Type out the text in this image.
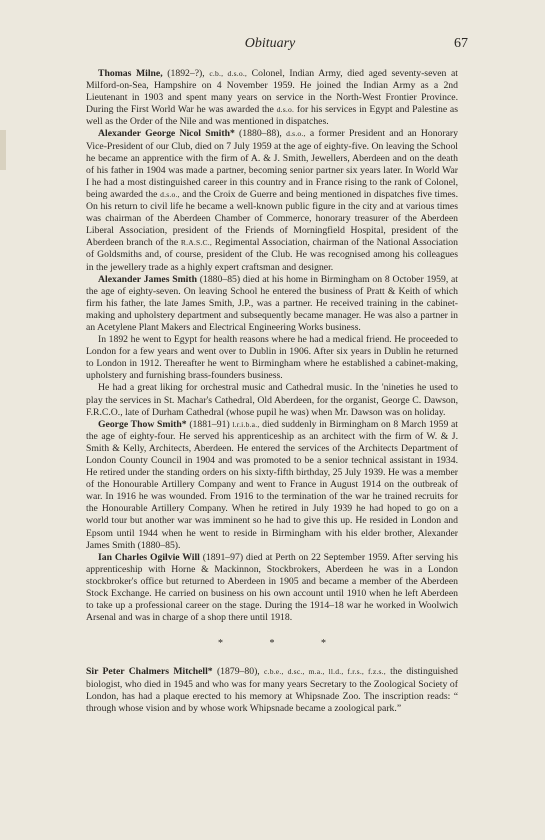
Obituary	67

Thomas Milne, (1892–?), c.b., d.s.o., Colonel, Indian Army, died aged seventy-seven at Milford-on-Sea, Hampshire on 4 November 1959. He joined the Indian Army as a 2nd Lieutenant in 1903 and spent many years on service in the North-West Frontier Province. During the First World War he was awarded the d.s.o. for his services in Egypt and Palestine as well as the Order of the Nile and was mentioned in dispatches.

Alexander George Nicol Smith* (1880–88), d.s.o., a former President and an Honorary Vice-President of our Club, died on 7 July 1959 at the age of eighty-five. On leaving the School he became an apprentice with the firm of A. & J. Smith, Jewellers, Aberdeen and on the death of his father in 1904 was made a partner, becoming senior partner six years later. In World War I he had a most distinguished career in this country and in France rising to the rank of Colonel, being awarded the d.s.o., and the Croix de Guerre and being mentioned in dispatches five times. On his return to civil life he became a well-known public figure in the city and at various times was chairman of the Aberdeen Chamber of Commerce, honorary treasurer of the Aberdeen Liberal Association, president of the Friends of Morningfield Hospital, president of the Aberdeen branch of the R.A.S.C., Regimental Association, chairman of the National Association of Goldsmiths and, of course, president of the Club. He was recognised among his colleagues in the jewellery trade as a highly expert craftsman and designer.

Alexander James Smith (1880–85) died at his home in Birmingham on 8 October 1959, at the age of eighty-seven. On leaving School he entered the business of Pratt & Keith of which firm his father, the late James Smith, J.P., was a partner. He received training in the cabinet-making and upholstery department and subsequently became manager. He was also a partner in an Acetylene Plant Makers and Electrical Engineering Works business.

In 1892 he went to Egypt for health reasons where he had a medical friend. He proceeded to London for a few years and went over to Dublin in 1906. After six years in Dublin he returned to London in 1912. Thereafter he went to Birmingham where he established a cabinet-making, upholstery and furnishing brass-founders business.

He had a great liking for orchestral music and Cathedral music. In the 'nineties he used to play the services in St. Machar's Cathedral, Old Aberdeen, for the organist, George C. Dawson, F.R.C.O., late of Durham Cathedral (whose pupil he was) when Mr. Dawson was on holiday.

George Thow Smith* (1881–91) l.r.i.b.a., died suddenly in Birmingham on 8 March 1959 at the age of eighty-four. He served his apprenticeship as an architect with the firm of W. & J. Smith & Kelly, Architects, Aberdeen. He entered the services of the Architects Department of London County Council in 1904 and was promoted to be a senior technical assistant in 1934. He retired under the standing orders on his sixty-fifth birthday, 25 July 1939. He was a member of the Honourable Artillery Company and went to France in August 1914 on the outbreak of war. In 1916 he was wounded. From 1916 to the termination of the war he trained recruits for the Honourable Artillery Company. When he retired in July 1939 he had hoped to go on a world tour but another war was imminent so he had to give this up. He resided in London and Epsom until 1944 when he went to reside in Birmingham with his elder brother, Alexander James Smith (1880–85).

Ian Charles Ogilvie Will (1891–97) died at Perth on 22 September 1959. After serving his apprenticeship with Horne & Mackinnon, Stockbrokers, Aberdeen he was in a London stockbroker's office but returned to Aberdeen in 1905 and became a member of the Aberdeen Stock Exchange. He carried on business on his own account until 1910 when he left Aberdeen to take up a professional career on the stage. During the 1914–18 war he worked in Woolwich Arsenal and was in charge of a shop there until 1918.

* * *

Sir Peter Chalmers Mitchell* (1879–80), c.b.e., d.sc., m.a., ll.d., f.r.s., f.z.s., the distinguished biologist, who died in 1945 and who was for many years Secretary to the Zoological Society of London, has had a plaque erected to his memory at Whipsnade Zoo. The inscription reads: “ through whose vision and by whose work Whipsnade became a zoological park.”
